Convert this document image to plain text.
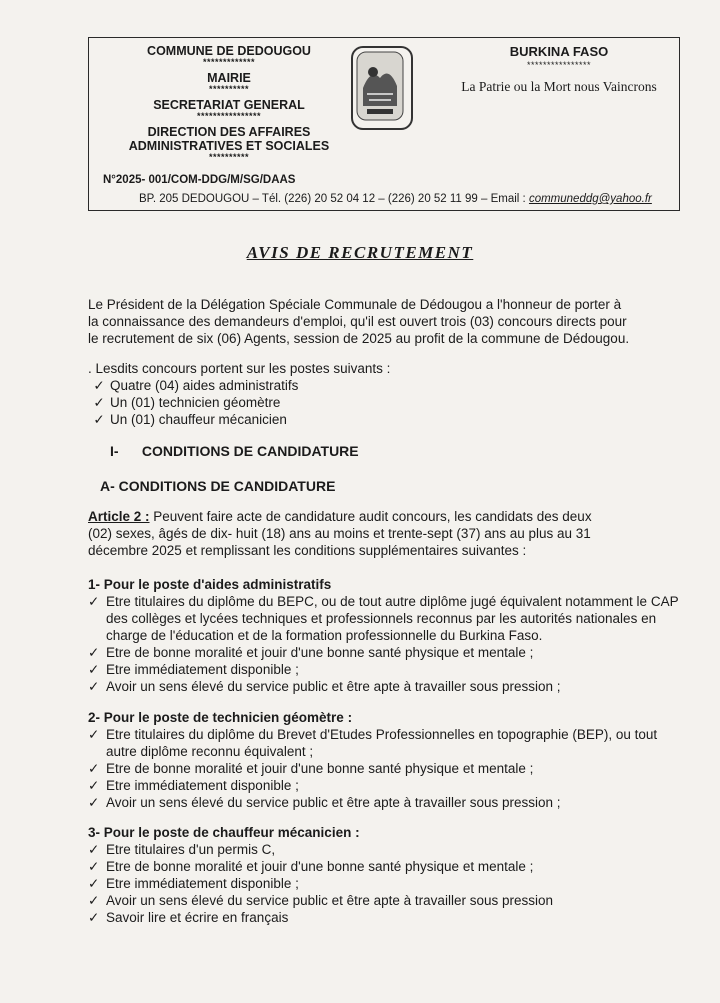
COMMUNE DE DEDOUGOU
*************
MAIRIE
**********
SECRETARIAT GENERAL
****************
DIRECTION DES AFFAIRES
ADMINISTRATIVES ET SOCIALES
**********
BURKINA FASO
****************
La Patrie ou la Mort nous Vaincrons
N°2025- 001/COM-DDG/M/SG/DAAS
BP. 205 DEDOUGOU – Tél. (226) 20 52 04 12 – (226) 20 52 11 99 – Email : communeddg@yahoo.fr
AVIS DE RECRUTEMENT

Le Président de la Délégation Spéciale Communale de Dédougou a l'honneur de porter à

la connaissance des demandeurs d'emploi, qu'il est ouvert trois (03) concours directs pour

le recrutement de six (06) Agents, session de 2025 au profit de la commune de Dédougou.

. Lesdits concours portent sur les postes suivants :
✓ Quatre (04) aides administratifs
✓ Un (01) technicien géomètre
✓ Un (01) chauffeur mécanicien
I-      CONDITIONS DE CANDIDATURE
A- CONDITIONS DE CANDIDATURE
Article 2 : Peuvent faire acte de candidature audit concours, les candidats des deux
(02) sexes, âgés de dix- huit (18) ans au moins et trente-sept (37) ans au plus au 31
décembre 2025 et remplissant les conditions supplémentaires suivantes :
1- Pour le poste d'aides administratifs
✓ Etre titulaires du diplôme du BEPC, ou de tout autre diplôme jugé équivalent notamment le CAP des collèges et lycées techniques et professionnels reconnus par les autorités nationales en charge de l'éducation et de la formation professionnelle du Burkina Faso.
✓ Etre de bonne moralité et jouir d'une bonne santé physique et mentale ;
✓ Etre immédiatement disponible ;
✓ Avoir un sens élevé du service public et être apte à travailler sous pression ;
2- Pour le poste de technicien géomètre :
✓ Etre titulaires du diplôme du Brevet d'Etudes Professionnelles en topographie (BEP), ou tout autre diplôme reconnu équivalent ;
✓ Etre de bonne moralité et jouir d'une bonne santé physique et mentale ;
✓ Etre immédiatement disponible ;
✓ Avoir un sens élevé du service public et être apte à travailler sous pression ;
3- Pour le poste de chauffeur mécanicien :
✓ Etre titulaires d'un permis C,
✓ Etre de bonne moralité et jouir d'une bonne santé physique et mentale ;
✓ Etre immédiatement disponible ;
✓ Avoir un sens élevé du service public et être apte à travailler sous pression
✓ Savoir lire et écrire en français
